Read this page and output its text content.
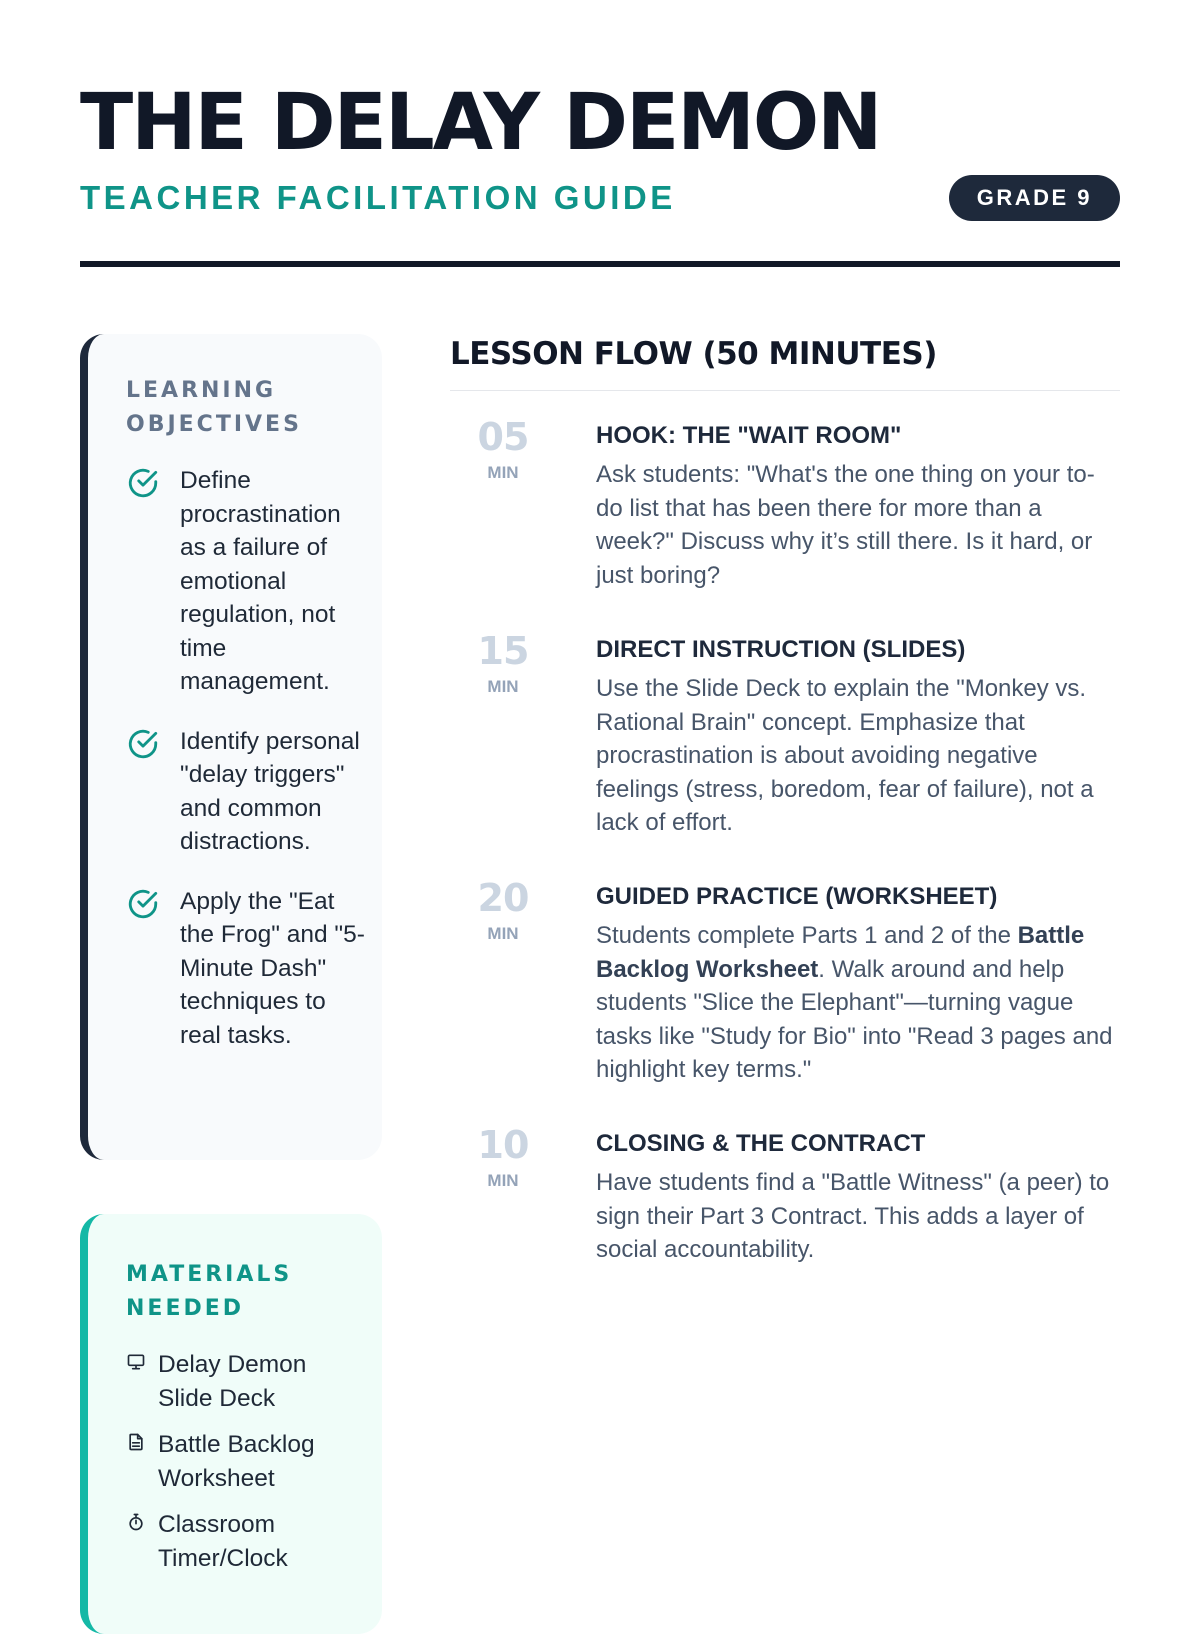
THE DELAY DEMON
TEACHER FACILITATION GUIDE	GRADE 9
LEARNING OBJECTIVES
Define procrastination as a failure of emotional regulation, not time management.
Identify personal "delay triggers" and common distractions.
Apply the "Eat the Frog" and "5-Minute Dash" techniques to real tasks.
MATERIALS NEEDED
Delay Demon Slide Deck
Battle Backlog Worksheet
Classroom Timer/Clock
LESSON FLOW (50 MINUTES)
05
MIN
HOOK: THE "WAIT ROOM"
Ask students: "What's the one thing on your to-do list that has been there for more than a week?" Discuss why it’s still there. Is it hard, or just boring?
15
MIN
DIRECT INSTRUCTION (SLIDES)
Use the Slide Deck to explain the "Monkey vs. Rational Brain" concept. Emphasize that procrastination is about avoiding negative feelings (stress, boredom, fear of failure), not a lack of effort.
20
MIN
GUIDED PRACTICE (WORKSHEET)
Students complete Parts 1 and 2 of the Battle Backlog Worksheet. Walk around and help students "Slice the Elephant"—turning vague tasks like "Study for Bio" into "Read 3 pages and highlight key terms."
10
MIN
CLOSING & THE CONTRACT
Have students find a "Battle Witness" (a peer) to sign their Part 3 Contract. This adds a layer of social accountability.
